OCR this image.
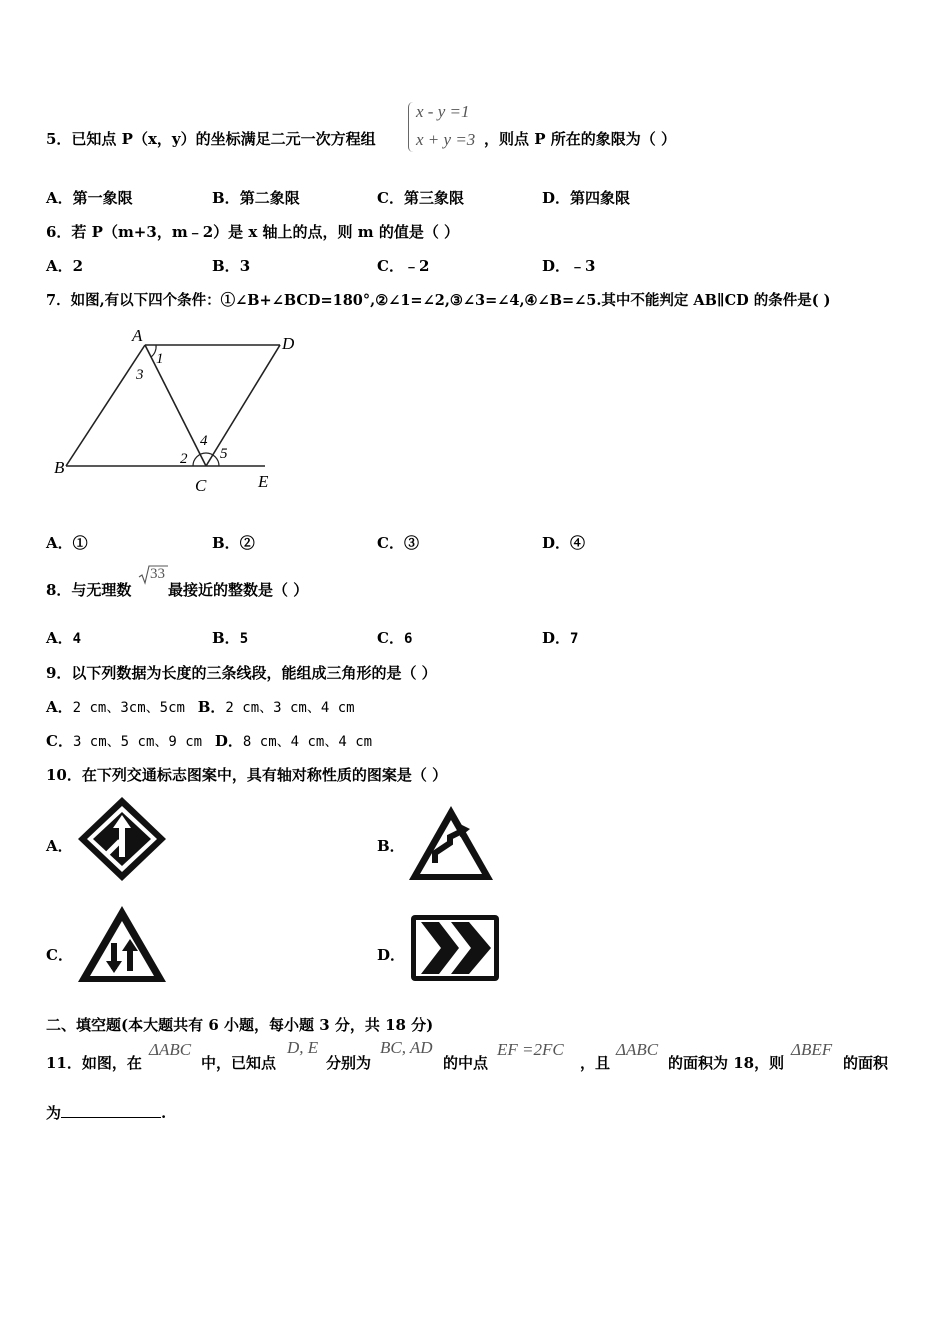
5．已知点 P（x，y）的坐标满足二元一次方程组
x - y =1
x + y =3 ，则点 P 所在的象限为（ ）
A．第一象限	B．第二象限	C．第三象限	D．第四象限
6．若 P（m+3，m﹣2）是 x 轴上的点，则 m 的值是（ ）
A．2	B．3	C．﹣2	D．﹣3
7．如图,有以下四个条件：①∠B+∠BCD=180°,②∠1=∠2,③∠3=∠4,④∠B=∠5.其中不能判定 AB∥CD 的条件是( )
A	D
B
C	E
1
3
2
4
5
A．①	B．②	C．③	D．④
8．与无理数
33
最接近的整数是（ ）
A．4	B．5	C．6	D．7
9．以下列数据为长度的三条线段，能组成三角形的是（ ）
A．2 cm、3cm、5cm B．2 cm、3 cm、4 cm
C．3 cm、5 cm、9 cm D．8 cm、4 cm、4 cm
10．在下列交通标志图案中，具有轴对称性质的图案是（ ）
A．	B．
C．	D．
二、填空题(本大题共有 6 小题，每小题 3 分，共 18 分)
11．如图，在
ΔABC
中，已知点
D, E
分别为
BC, AD
的中点
EF =2FC
，且
ΔABC
的面积为 18，则
ΔBEF
的面积
为	.
